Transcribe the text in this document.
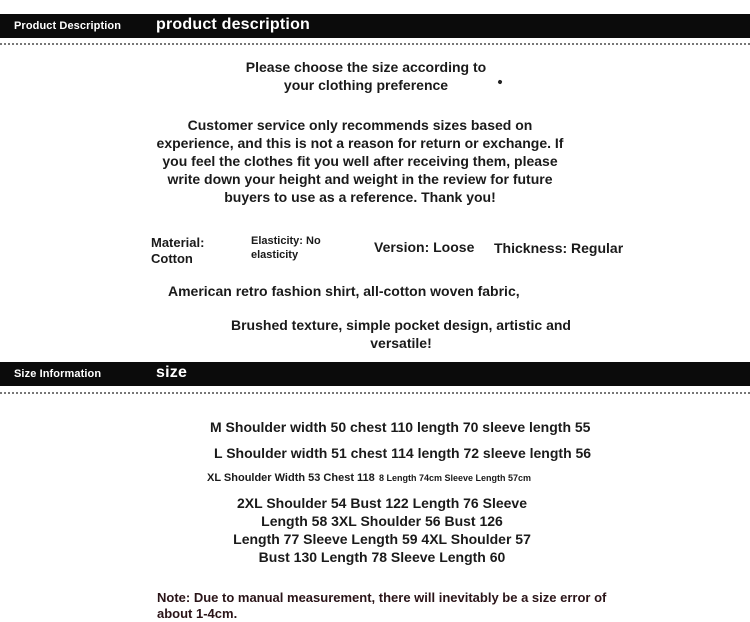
Product Description product description
Please choose the size according to
your clothing preference
Customer service only recommends sizes based on
experience, and this is not a reason for return or exchange. If
you feel the clothes fit you well after receiving them, please
write down your height and weight in the review for future
buyers to use as a reference. Thank you!
Material:
Cotton
Elasticity: No
elasticity	Version: Loose Thickness: Regular
American retro fashion shirt, all-cotton woven fabric,
Brushed texture, simple pocket design, artistic and
versatile!
Size Information	size
M Shoulder width 50 chest 110 length 70 sleeve length 55
L Shoulder width 51 chest 114 length 72 sleeve length 56
XL Shoulder Width 53 Chest 118 8 Length 74cm Sleeve Length 57cm
2XL Shoulder 54 Bust 122 Length 76 Sleeve
Length 58 3XL Shoulder 56 Bust 126
Length 77 Sleeve Length 59 4XL Shoulder 57
Bust 130 Length 78 Sleeve Length 60
Note: Due to manual measurement, there will inevitably be a size error of
about 1-4cm.
